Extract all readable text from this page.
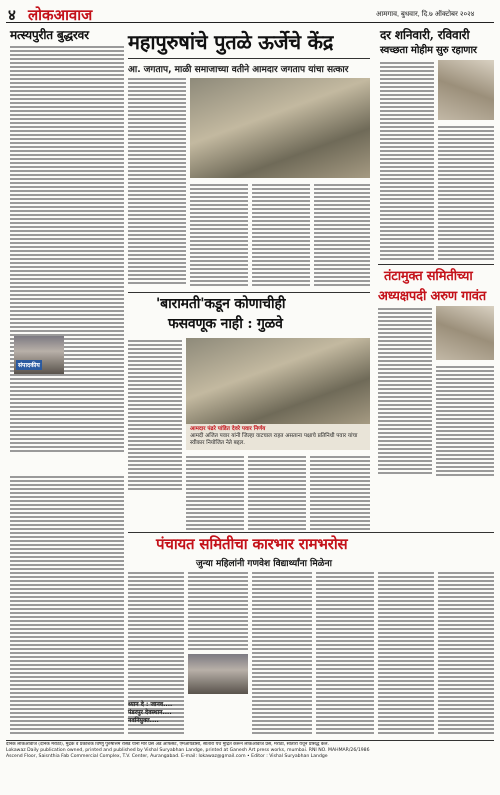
४ लोकआवाज	आमगाव, बुधवार, दि.७ ऑक्टोबर २०२४
मत्स्यपुरीत बुद्धरवर
संपादकीय
महापुरुषांचे पुतळे ऊर्जेचे केंद्र
आ. जगताप, माळी समाजाच्या वतीने आमदार जगताप यांचा सत्कार
दर शनिवारी, रविवारी
स्वच्छता मोहीम सुरु रहाणार
'बारामती'कडून कोणाचीही
फसवणूक नाही : गुळवे
आमदार पंढरे पांडित देवरे पवार निर्णय
आमदी अजित पवार यांनी जिल्हा वाटचाल राहत असताना पक्षाचे प्रतिनिधी पवार यांचा स्वीकार नियोजित नेते बद्दल.
तंटामुक्त समितीच्या
अध्यक्षपदी अरुण गावंत
पंचायत समितीचा कारभार रामभरोस
जुन्या महिलांनी गणवेश विद्यार्थ्यांना मिळेना
ध्यान दे : जानव....
पंडरपुर देवस्थान....
नवनियुक्त....
दैनिक लोकआवाज (दैनिक मराठी), मुद्रक व प्रकाशक विष्णु पुरुषोत्तम रासडे यांनी मोरे प्रेस अँड ऑफसेट, एमआयडीसी, सातारा येथे मुद्रित करून लोकआवाज प्रेस, मराठा, सातारा येथून प्रसिद्ध केले.
Lokawaz Daily publication owned, printed and published by Vishal Suryabhan Landge, printed at Ganesh Art press works, mumbai. RNI NO. MAHMAR/26/1986
Ascend Floor, Saisnthia Fab Commercial Complex, T.V. Center, Aurangabad. E-mail: lokawaz@gmail.com • Editor : Vishal Suryabhan Landge
